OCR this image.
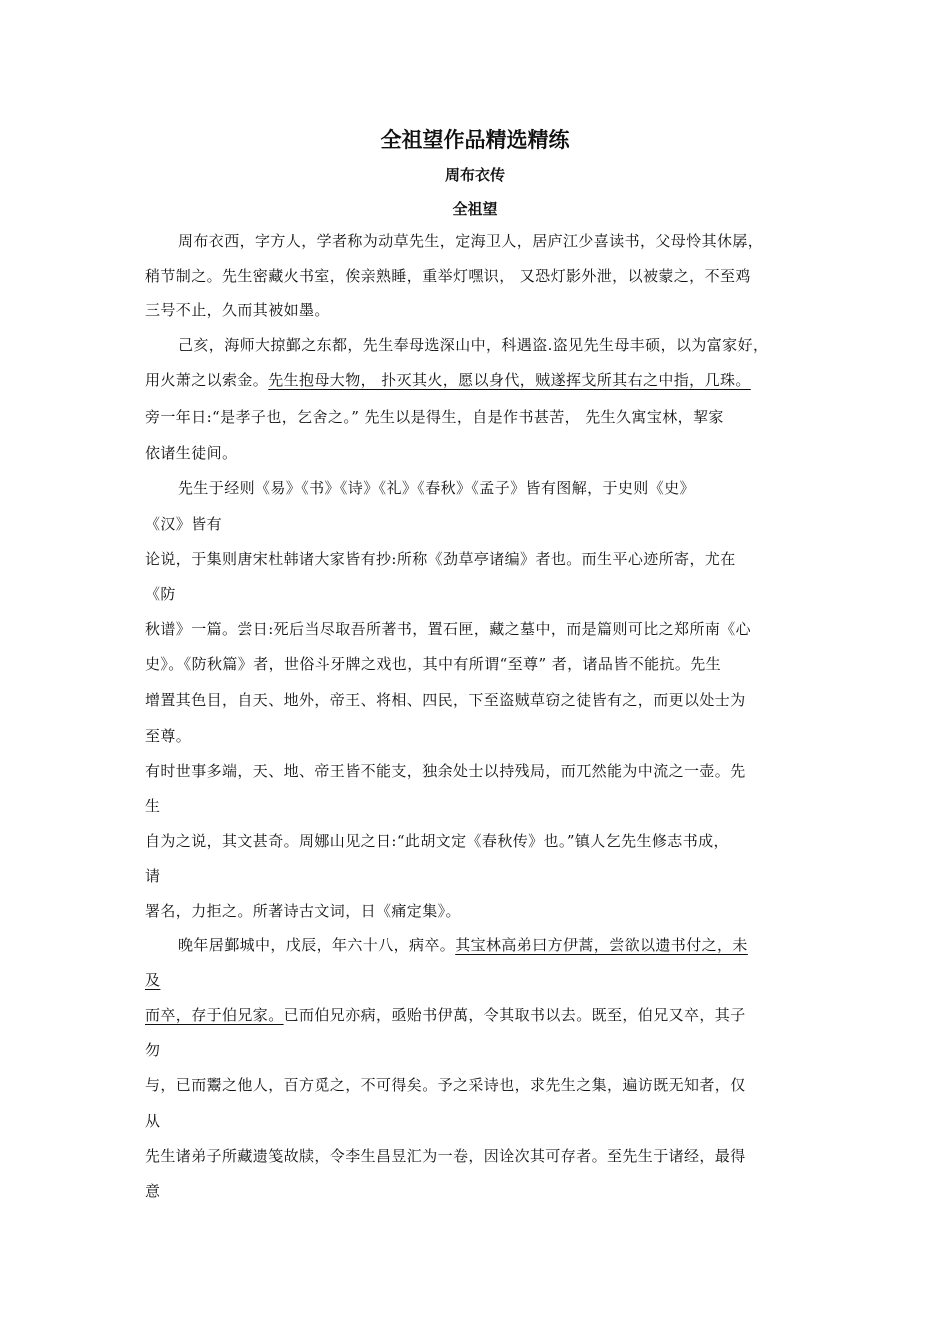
全祖望作品精选精练
周布衣传
全祖望
周布衣西，字方人，学者称为动草先生，定海卫人，居庐江少喜读书，父母怜其休孱，
稍节制之。先生密藏火书室，俟亲熟睡，重举灯嘿识， 又恐灯影外泄，以被蒙之，不至鸡
三号不止，久而其被如墨。
己亥，海师大掠鄞之东都，先生奉母选深山中，科遇盗.盗见先生母丰硕，以为富家好，
用火萧之以索金。先生抱母大物， 扑灭其火，愿以身代，贼遂挥戈所其右之中指，几珠。
旁一年日:“是孝子也，乞舍之。” 先生以是得生，自是作书甚苦， 先生久寓宝林，挈家
依诸生徒间。
先生于经则《易》《书》《诗》《礼》《春秋》《孟子》皆有图解，于史则《史》
《汉》皆有
论说，于集则唐宋杜韩诸大家皆有抄:所称《劲草亭诸编》者也。而生平心迹所寄，尤在
《防
秋谱》一篇。尝日:死后当尽取吾所著书，置石匣，藏之墓中，而是篇则可比之郑所南《心
史》。《防秋篇》者，世俗斗牙牌之戏也，其中有所谓“至尊” 者，诸品皆不能抗。先生
增置其色目，自天、地外，帝王、将相、四民，下至盗贼草窃之徒皆有之，而更以处士为
至尊。
有时世事多端，天、地、帝王皆不能支，独余处士以持残局，而兀然能为中流之一壶。先
生
自为之说，其文甚奇。周娜山见之日:“此胡文定《春秋传》也。”镇人乞先生修志书成，
请
署名，力拒之。所著诗古文词，日《痛定集》。
晚年居鄞城中，戊辰，年六十八，病卒。其宝林高弟曰方伊蒿，尝欲以遗书付之，未
及
而卒，存于伯兄家。已而伯兄亦病，亟贻书伊萬，令其取书以去。既至，伯兄又卒，其子
勿
与，已而鬻之他人，百方觅之，不可得矣。予之采诗也，求先生之集，遍访既无知者，仅
从
先生诸弟子所藏遗笺故牍，令李生昌昱汇为一卷，因诠次其可存者。至先生于诸经，最得
意
